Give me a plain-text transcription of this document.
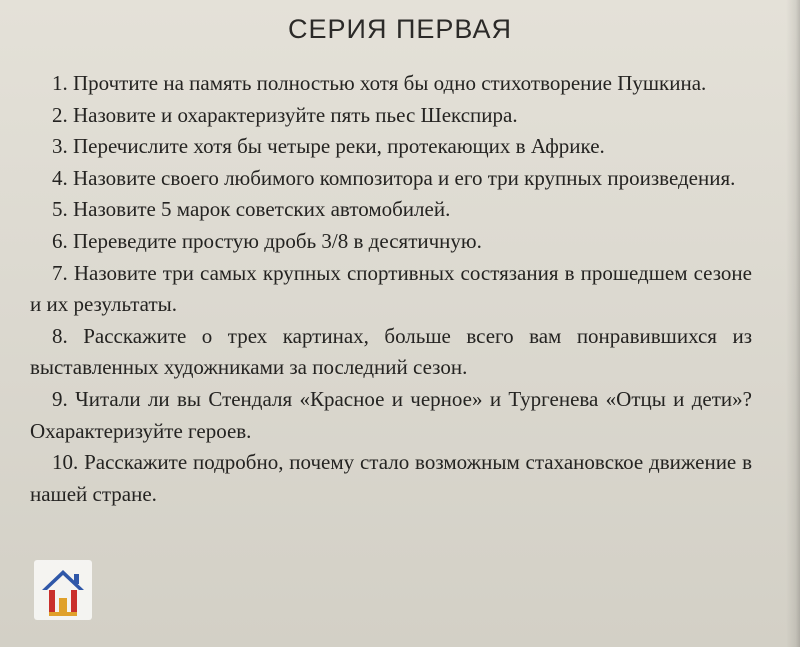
СЕРИЯ ПЕРВАЯ

1. Прочтите на память полностью хотя бы одно стихотворение Пушкина.

2. Назовите и охарактеризуйте пять пьес Шекспира.

3. Перечислите хотя бы четыре реки, протекающих в Африке.

4. Назовите своего любимого композитора и его три крупных произведения.

5. Назовите 5 марок советских автомобилей.

6. Переведите простую дробь 3/8 в десятичную.

7. Назовите три самых крупных спортивных состязания в прошедшем сезоне и их результаты.

8. Расскажите о трех картинах, больше всего вам понравившихся из выставленных художниками за последний сезон.

9. Читали ли вы Стендаля «Красное и черное» и Тургенева «Отцы и дети»? Охарактеризуйте героев.

10. Расскажите подробно, почему стало возможным стахановское движение в нашей стране.
